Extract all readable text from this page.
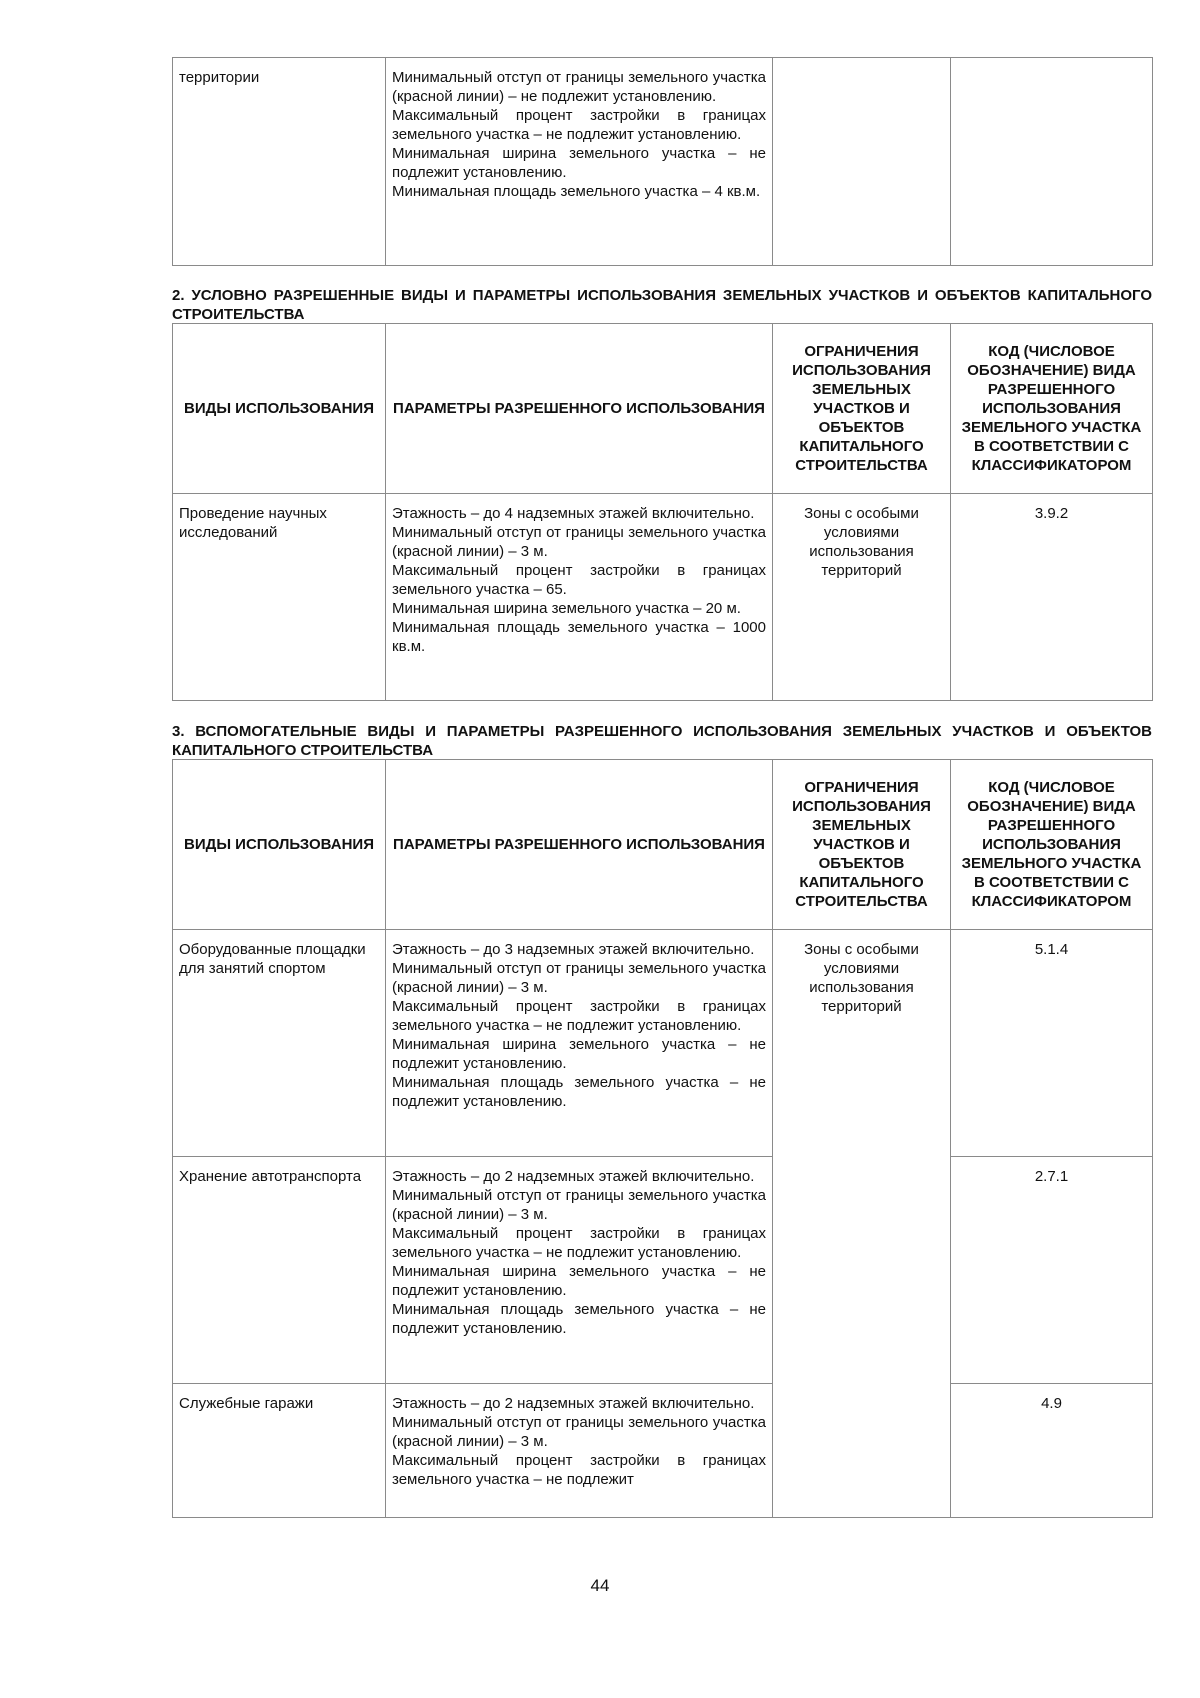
территории	Минимальный отступ от границы земельного участка (красной линии) – не подлежит установлению.
Максимальный процент застройки в границах земельного участка – не подлежит установлению.
Минимальная ширина земельного участка – не подлежит установлению.
Минимальная площадь земельного участка – 4 кв.м.

2. УСЛОВНО РАЗРЕШЕННЫЕ ВИДЫ И ПАРАМЕТРЫ ИСПОЛЬЗОВАНИЯ ЗЕМЕЛЬНЫХ УЧАСТКОВ И ОБЪЕКТОВ КАПИТАЛЬНОГО СТРОИТЕЛЬСТВА
ВИДЫ ИСПОЛЬЗОВАНИЯ	ПАРАМЕТРЫ РАЗРЕШЕННОГО ИСПОЛЬЗОВАНИЯ	ОГРАНИЧЕНИЯ ИСПОЛЬЗОВАНИЯ ЗЕМЕЛЬНЫХ УЧАСТКОВ И ОБЪЕКТОВ КАПИТАЛЬНОГО СТРОИТЕЛЬСТВА	КОД (ЧИСЛОВОЕ ОБОЗНАЧЕНИЕ) ВИДА РАЗРЕШЕННОГО ИСПОЛЬЗОВАНИЯ ЗЕМЕЛЬНОГО УЧАСТКА В СООТВЕТСТВИИ С КЛАССИФИКАТОРОМ
Проведение научных исследований	Этажность – до 4 надземных этажей включительно.
Минимальный отступ от границы земельного участка (красной линии) – 3 м.
Максимальный процент застройки в границах земельного участка – 65.
Минимальная ширина земельного участка – 20 м.
Минимальная площадь земельного участка – 1000 кв.м.	Зоны с особыми условиями использования территорий	3.9.2
3. ВСПОМОГАТЕЛЬНЫЕ ВИДЫ И ПАРАМЕТРЫ РАЗРЕШЕННОГО ИСПОЛЬЗОВАНИЯ ЗЕМЕЛЬНЫХ УЧАСТКОВ И ОБЪЕКТОВ КАПИТАЛЬНОГО СТРОИТЕЛЬСТВА
ВИДЫ ИСПОЛЬЗОВАНИЯ	ПАРАМЕТРЫ РАЗРЕШЕННОГО ИСПОЛЬЗОВАНИЯ	ОГРАНИЧЕНИЯ ИСПОЛЬЗОВАНИЯ ЗЕМЕЛЬНЫХ УЧАСТКОВ И ОБЪЕКТОВ КАПИТАЛЬНОГО СТРОИТЕЛЬСТВА	КОД (ЧИСЛОВОЕ ОБОЗНАЧЕНИЕ) ВИДА РАЗРЕШЕННОГО ИСПОЛЬЗОВАНИЯ ЗЕМЕЛЬНОГО УЧАСТКА В СООТВЕТСТВИИ С КЛАССИФИКАТОРОМ
Оборудованные площадки для занятий спортом	Этажность – до 3 надземных этажей включительно.
Минимальный отступ от границы земельного участка (красной линии) – 3 м.
Максимальный процент застройки в границах земельного участка – не подлежит установлению.
Минимальная ширина земельного участка – не подлежит установлению.
Минимальная площадь земельного участка – не подлежит установлению.	Зоны с особыми условиями использования территорий	5.1.4
Хранение автотранспорта	Этажность – до 2 надземных этажей включительно.
Минимальный отступ от границы земельного участка (красной линии) – 3 м.
Максимальный процент застройки в границах земельного участка – не подлежит установлению.
Минимальная ширина земельного участка – не подлежит установлению.
Минимальная площадь земельного участка – не подлежит установлению.		2.7.1
Служебные гаражи	Этажность – до 2 надземных этажей включительно.
Минимальный отступ от границы земельного участка (красной линии) – 3 м.
Максимальный процент застройки в границах земельного участка – не подлежит		4.9
44
